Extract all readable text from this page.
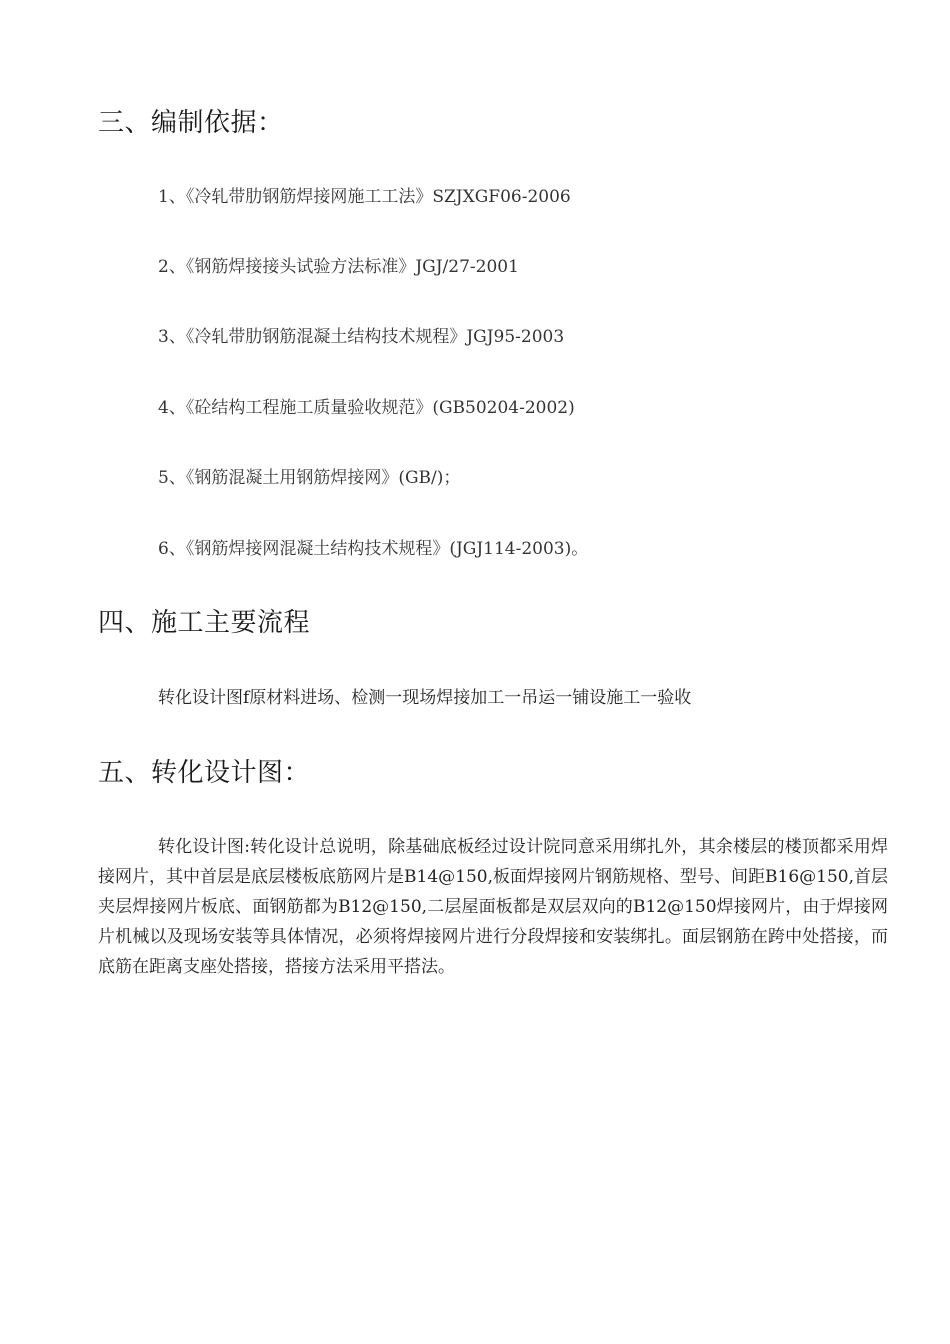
三、编制依据：
1、《冷轧带肋钢筋焊接网施工工法》SZJXGF06-2006
2、《钢筋焊接接头试验方法标准》JGJ/27-2001
3、《冷轧带肋钢筋混凝土结构技术规程》JGJ95-2003
4、《砼结构工程施工质量验收规范》(GB50204-2002)
5、《钢筋混凝土用钢筋焊接网》(GB/)；
6、《钢筋焊接网混凝土结构技术规程》(JGJ114-2003)。
四、施工主要流程
转化设计图f原材料进场、检测一现场焊接加工一吊运一铺设施工一验收
五、转化设计图：
转化设计图:转化设计总说明，除基础底板经过设计院同意采用绑扎外，其余楼层的楼顶都采用焊接网片，其中首层是底层楼板底筋网片是B14@150,板面焊接网片钢筋规格、型号、间距B16@150,首层夹层焊接网片板底、面钢筋都为B12@150,二层屋面板都是双层双向的B12@150焊接网片，由于焊接网片机械以及现场安装等具体情况，必须将焊接网片进行分段焊接和安装绑扎。面层钢筋在跨中处搭接，而底筋在距离支座处搭接，搭接方法采用平搭法。
